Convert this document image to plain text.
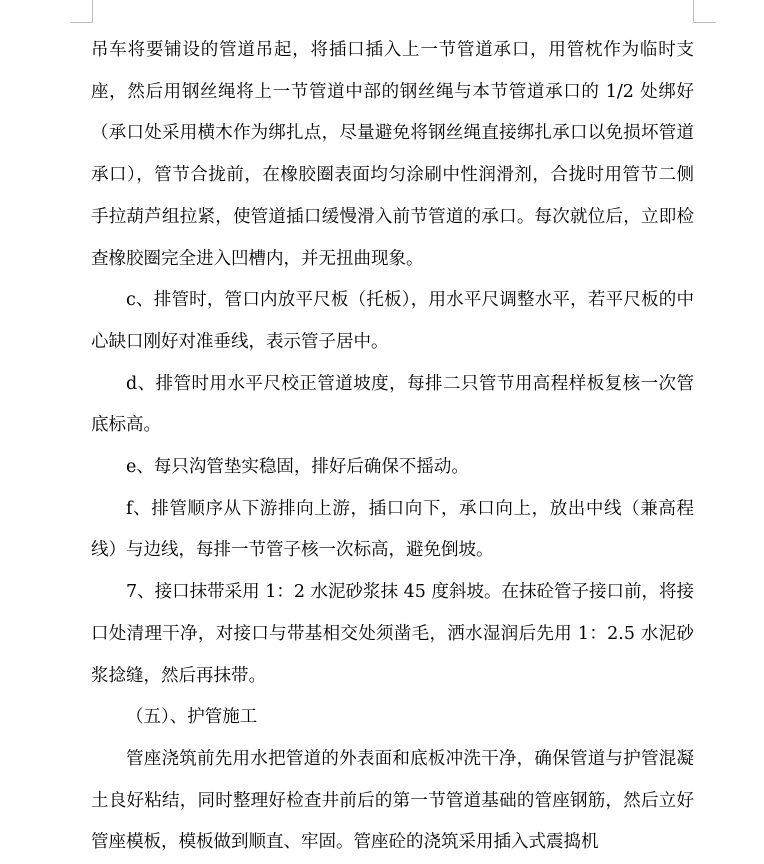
吊车将要铺设的管道吊起，将插口插入上一节管道承口，用管枕作为临时支座，然后用钢丝绳将上一节管道中部的钢丝绳与本节管道承口的 1/2 处绑好（承口处采用横木作为绑扎点，尽量避免将钢丝绳直接绑扎承口以免损坏管道承口），管节合拢前，在橡胶圈表面均匀涂刷中性润滑剂，合拢时用管节二侧手拉葫芦组拉紧，使管道插口缓慢滑入前节管道的承口。每次就位后，立即检查橡胶圈完全进入凹槽内，并无扭曲现象。

c、排管时，管口内放平尺板（托板），用水平尺调整水平，若平尺板的中心缺口刚好对准垂线，表示管子居中。

d、排管时用水平尺校正管道坡度，每排二只管节用高程样板复核一次管底标高。

e、每只沟管垫实稳固，排好后确保不摇动。

f、排管顺序从下游排向上游，插口向下，承口向上，放出中线（兼高程线）与边线，每排一节管子核一次标高，避免倒坡。

7、接口抹带采用 1：2 水泥砂浆抹 45 度斜坡。在抹砼管子接口前，将接口处清理干净，对接口与带基相交处须凿毛，洒水湿润后先用 1：2.5 水泥砂浆捻缝，然后再抹带。

（五）、护管施工

管座浇筑前先用水把管道的外表面和底板冲洗干净，确保管道与护管混凝土良好粘结，同时整理好检查井前后的第一节管道基础的管座钢筋，然后立好管座模板，模板做到顺直、牢固。管座砼的浇筑采用插入式震捣机
